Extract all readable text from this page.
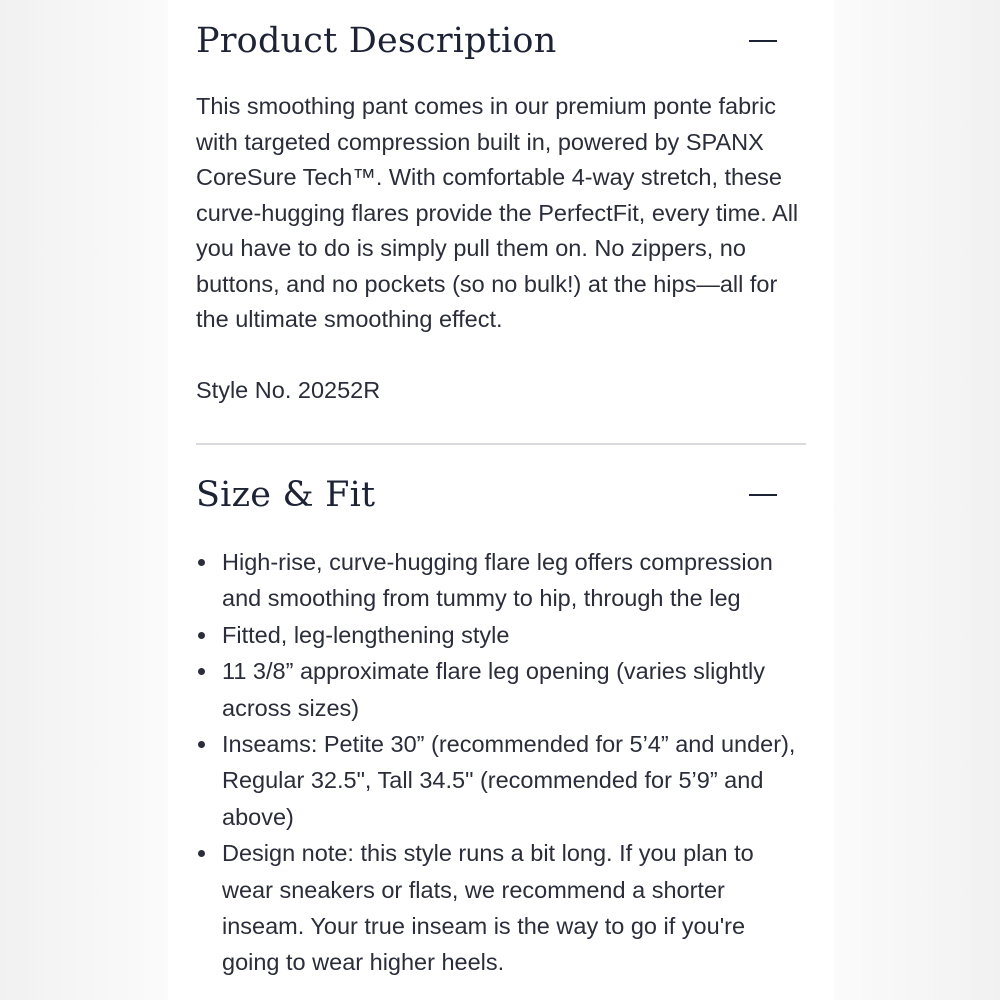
Product Description

This smoothing pant comes in our premium ponte fabric with targeted compression built in, powered by SPANX CoreSure Tech™. With comfortable 4-way stretch, these curve-hugging flares provide the PerfectFit, every time. All you have to do is simply pull them on. No zippers, no buttons, and no pockets (so no bulk!) at the hips—all for the ultimate smoothing effect.

Style No. 20252R

Size & Fit
High-rise, curve-hugging flare leg offers compression and smoothing from tummy to hip, through the leg
Fitted, leg-lengthening style
11 3/8” approximate flare leg opening (varies slightly across sizes)
Inseams: Petite 30” (recommended for 5’4” and under), Regular 32.5", Tall 34.5" (recommended for 5’9” and above)
Design note: this style runs a bit long. If you plan to wear sneakers or flats, we recommend a shorter inseam. Your true inseam is the way to go if you're going to wear higher heels.
